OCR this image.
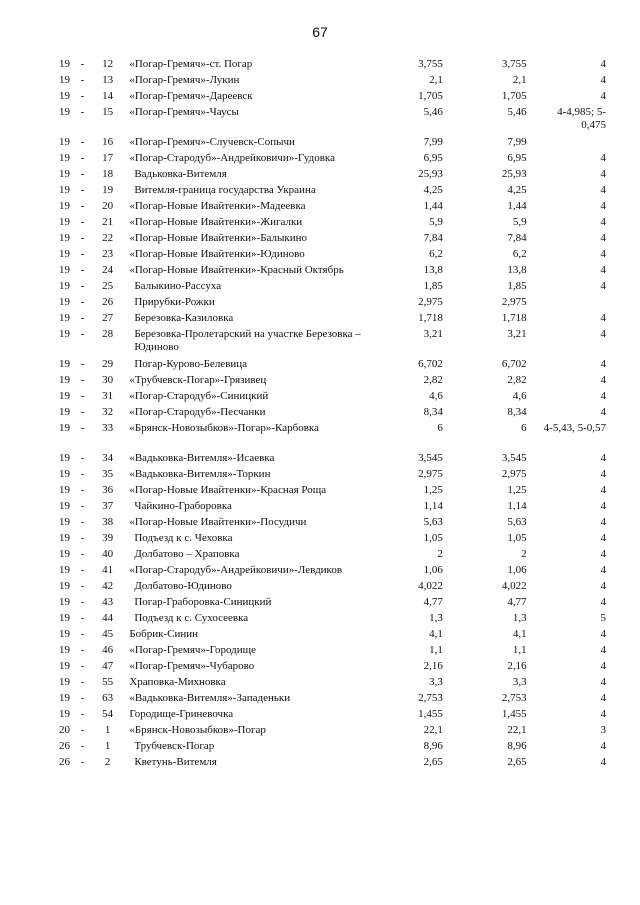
67
19	-	12	«Погар-Гремяч»-ст. Погар	3,755	3,755	4
19	-	13	«Погар-Гремяч»-Лукин	2,1	2,1	4
19	-	14	«Погар-Гремяч»-Дареевск	1,705	1,705	4
19	-	15	«Погар-Гремяч»-Чаусы	5,46	5,46	4-4,985; 5-0,475
19	-	16	«Погар-Гремяч»-Случевск-Сопычи	7,99	7,99	
19	-	17	«Погар-Стародуб»-Андрейковичи»-Гудовка	6,95	6,95	4
19	-	18	Вадьковка-Витемля	25,93	25,93	4
19	-	19	Витемля-граница государства Украина	4,25	4,25	4
19	-	20	«Погар-Новые Ивайтенки»-Мадеевка	1,44	1,44	4
19	-	21	«Погар-Новые Ивайтенки»-Жигалки	5,9	5,9	4
19	-	22	«Погар-Новые Ивайтенки»-Балыкино	7,84	7,84	4
19	-	23	«Погар-Новые Ивайтенки»-Юдиново	6,2	6,2	4
19	-	24	«Погар-Новые Ивайтенки»-Красный Октябрь	13,8	13,8	4
19	-	25	Балыкино-Рассуха	1,85	1,85	4
19	-	26	Прирубки-Рожки	2,975	2,975	
19	-	27	Березовка-Казиловка	1,718	1,718	4
19	-	28	Березовка-Пролетарский на участке Березовка – Юдиново	3,21	3,21	4
19	-	29	Погар-Курово-Белевица	6,702	6,702	4
19	-	30	«Трубчевск-Погар»-Грязивец	2,82	2,82	4
19	-	31	«Погар-Стародуб»-Синицкий	4,6	4,6	4
19	-	32	«Погар-Стародуб»-Песчанки	8,34	8,34	4
19	-	33	«Брянск-Новозыбков»-Погар»-Карбовка	6	6	4-5,43, 5-0,57
19	-	34	«Вадьковка-Витемля»-Исаевка	3,545	3,545	4
19	-	35	«Вадьковка-Витемля»-Торкин	2,975	2,975	4
19	-	36	«Погар-Новые Ивайтенки»-Красная Роща	1,25	1,25	4
19	-	37	Чайкино-Граборовка	1,14	1,14	4
19	-	38	«Погар-Новые Ивайтенки»-Посудичи	5,63	5,63	4
19	-	39	Подъезд к с. Чеховка	1,05	1,05	4
19	-	40	Долбатово – Храповка	2	2	4
19	-	41	«Погар-Стародуб»-Андрейковичи»-Левдиков	1,06	1,06	4
19	-	42	Долбатово-Юдиново	4,022	4,022	4
19	-	43	Погар-Граборовка-Синицкий	4,77	4,77	4
19	-	44	Подъезд к с. Сухосеевка	1,3	1,3	5
19	-	45	Бобрик-Синин	4,1	4,1	4
19	-	46	«Погар-Гремяч»-Городище	1,1	1,1	4
19	-	47	«Погар-Гремяч»-Чубарово	2,16	2,16	4
19	-	55	Храповка-Михновка	3,3	3,3	4
19	-	63	«Вадьковка-Витемля»-Западеньки	2,753	2,753	4
19	-	54	Городище-Гриневочка	1,455	1,455	4
20	-	1	«Брянск-Новозыбков»-Погар	22,1	22,1	3
26	-	1	Трубчевск-Погар	8,96	8,96	4
26	-	2	Кветунь-Витемля	2,65	2,65	4
